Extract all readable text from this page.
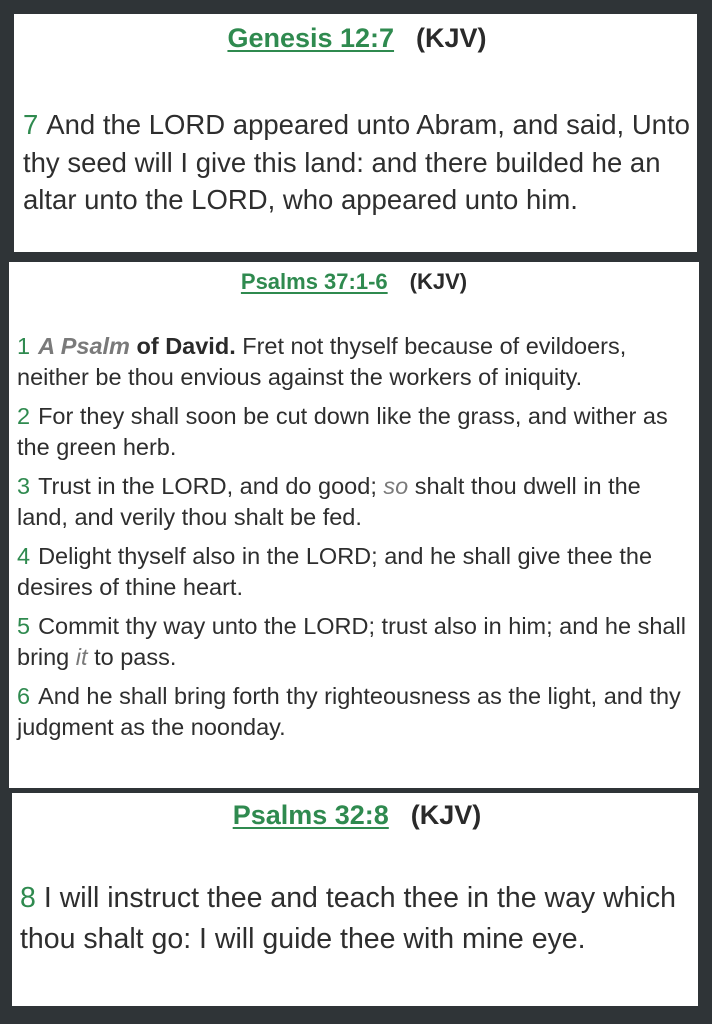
Genesis 12:7 (KJV)

7 And the LORD appeared unto Abram, and said, Unto thy seed will I give this land: and there builded he an altar unto the LORD, who appeared unto him.

Psalms 37:1-6 (KJV)

1 A Psalm of David. Fret not thyself because of evildoers, neither be thou envious against the workers of iniquity.

2 For they shall soon be cut down like the grass, and wither as the green herb.

3 Trust in the LORD, and do good; so shalt thou dwell in the land, and verily thou shalt be fed.

4 Delight thyself also in the LORD; and he shall give thee the desires of thine heart.

5 Commit thy way unto the LORD; trust also in him; and he shall bring it to pass.

6 And he shall bring forth thy righteousness as the light, and thy judgment as the noonday.

Psalms 32:8 (KJV)

8 I will instruct thee and teach thee in the way which thou shalt go: I will guide thee with mine eye.
